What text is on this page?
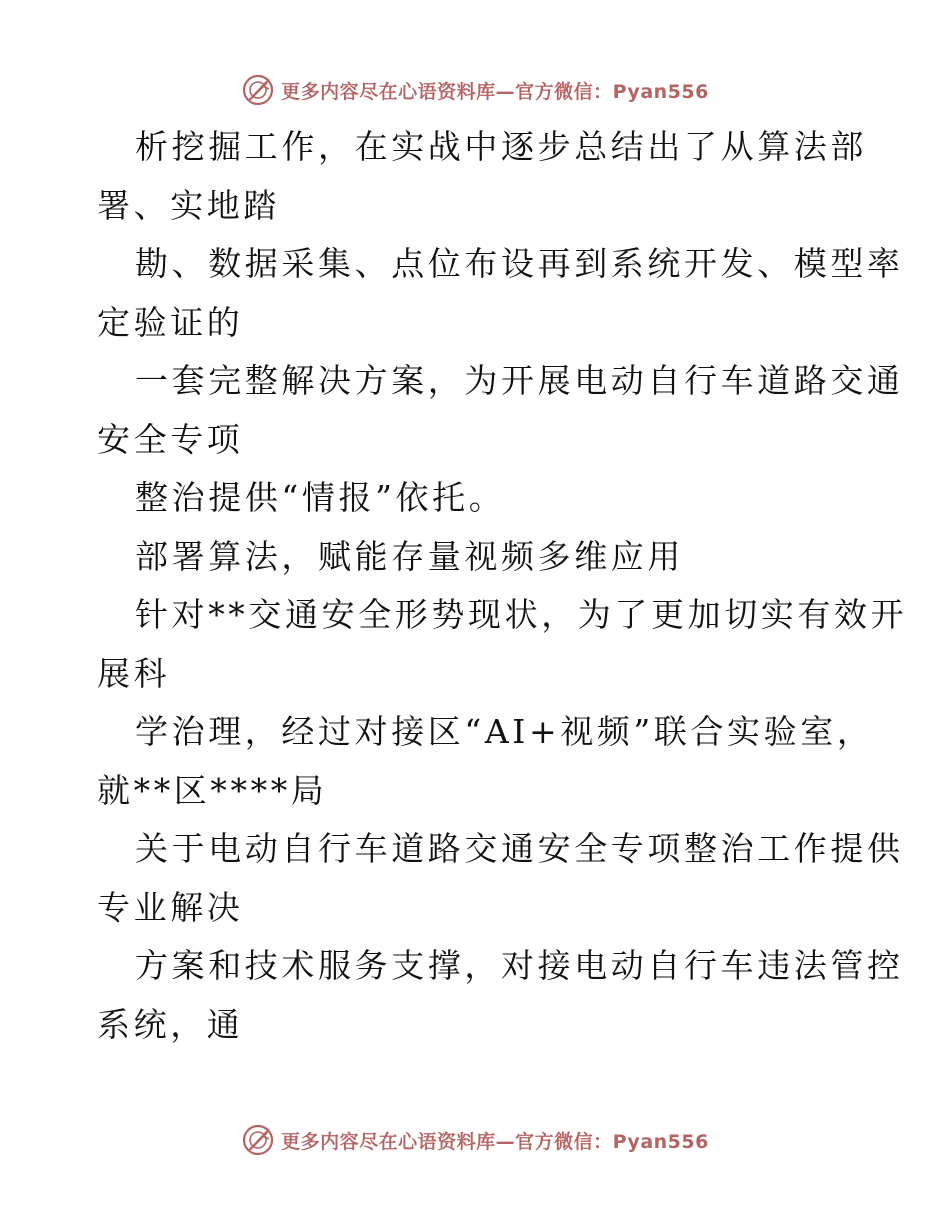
更多内容尽在心语资料库—官方微信：Pyan556
析挖掘工作，在实战中逐步总结出了从算法部
署、实地踏
勘、数据采集、点位布设再到系统开发、模型率
定验证的
一套完整解决方案，为开展电动自行车道路交通
安全专项
整治提供“情报”依托。
部署算法，赋能存量视频多维应用
针对**交通安全形势现状，为了更加切实有效开
展科
学治理，经过对接区“AI+视频”联合实验室，
就**区****局
关于电动自行车道路交通安全专项整治工作提供
专业解决
方案和技术服务支撑，对接电动自行车违法管控
系统，通
更多内容尽在心语资料库—官方微信：Pyan556
